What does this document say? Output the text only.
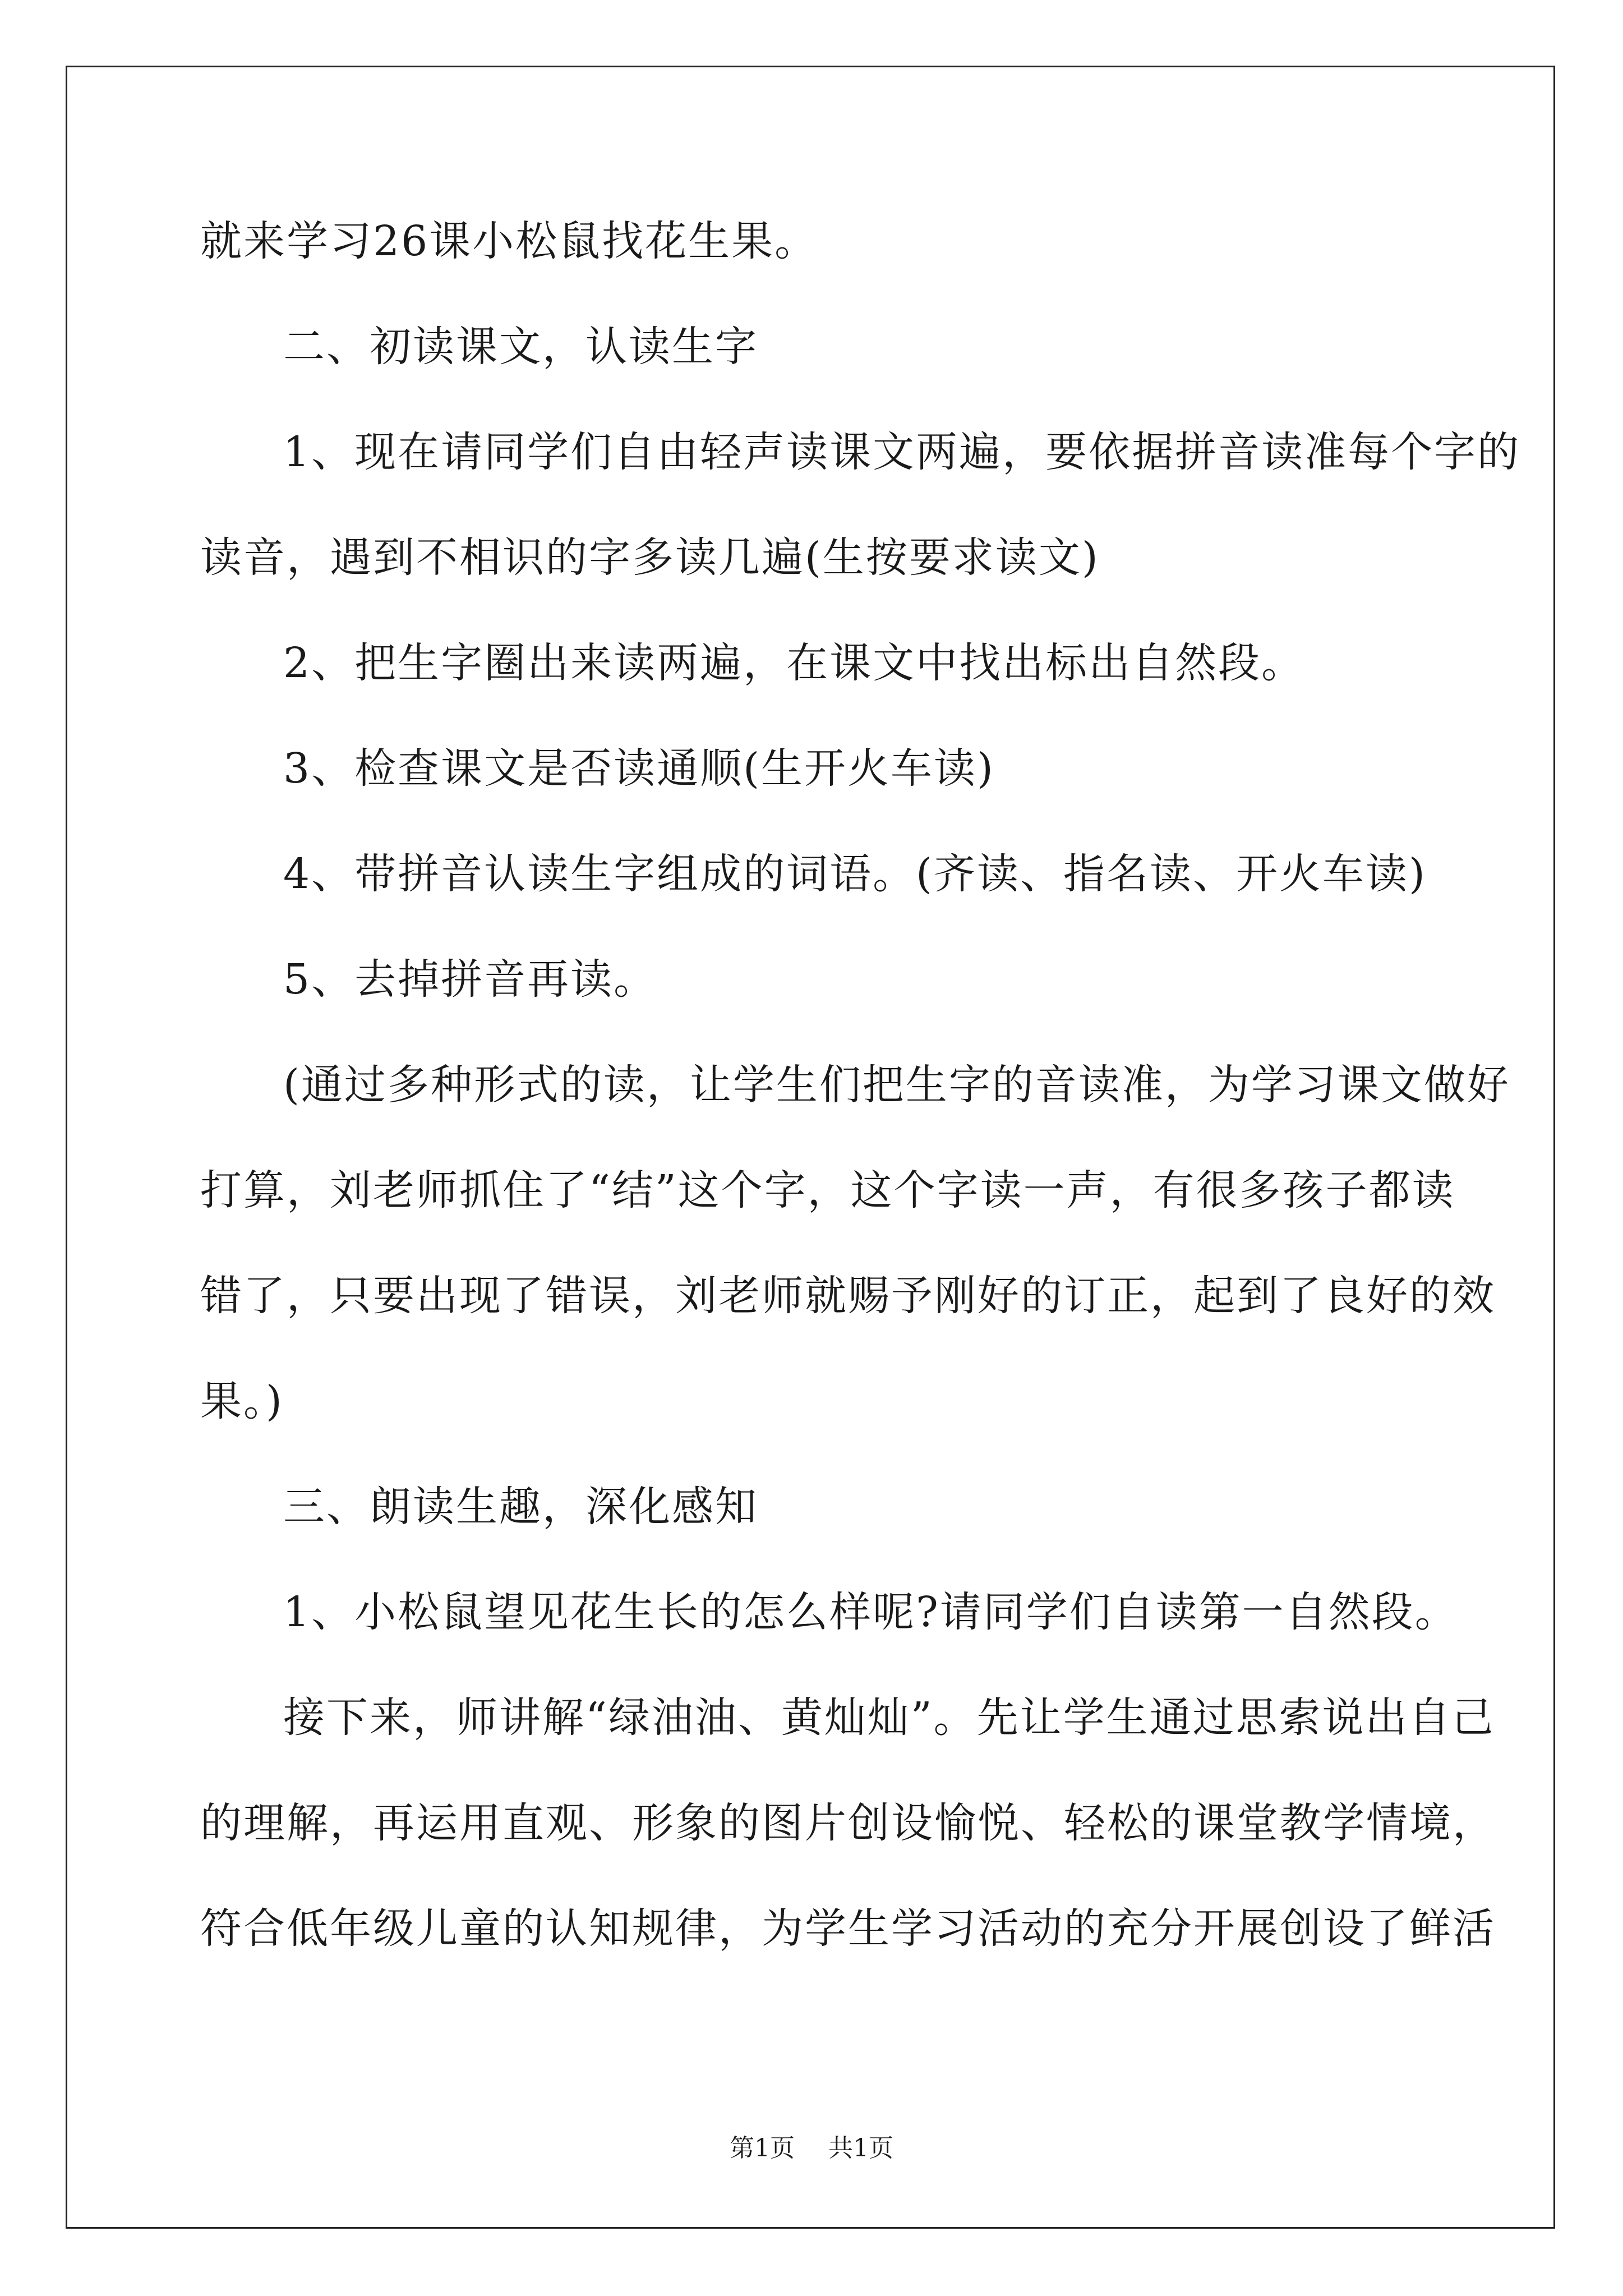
就来学习26课小松鼠找花生果。
二、初读课文，认读生字
1、现在请同学们自由轻声读课文两遍，要依据拼音读准每个字的
读音，遇到不相识的字多读几遍(生按要求读文)
2、把生字圈出来读两遍，在课文中找出标出自然段。
3、检查课文是否读通顺(生开火车读)
4、带拼音认读生字组成的词语。(齐读、指名读、开火车读)
5、去掉拼音再读。
(通过多种形式的读，让学生们把生字的音读准，为学习课文做好
打算，刘老师抓住了“结”这个字，这个字读一声，有很多孩子都读
错了，只要出现了错误，刘老师就赐予刚好的订正，起到了良好的效
果。)
三、朗读生趣，深化感知
1、小松鼠望见花生长的怎么样呢?请同学们自读第一自然段。
接下来，师讲解“绿油油、黄灿灿”。先让学生通过思索说出自己
的理解，再运用直观、形象的图片创设愉悦、轻松的课堂教学情境，
符合低年级儿童的认知规律，为学生学习活动的充分开展创设了鲜活
第1页 共1页
